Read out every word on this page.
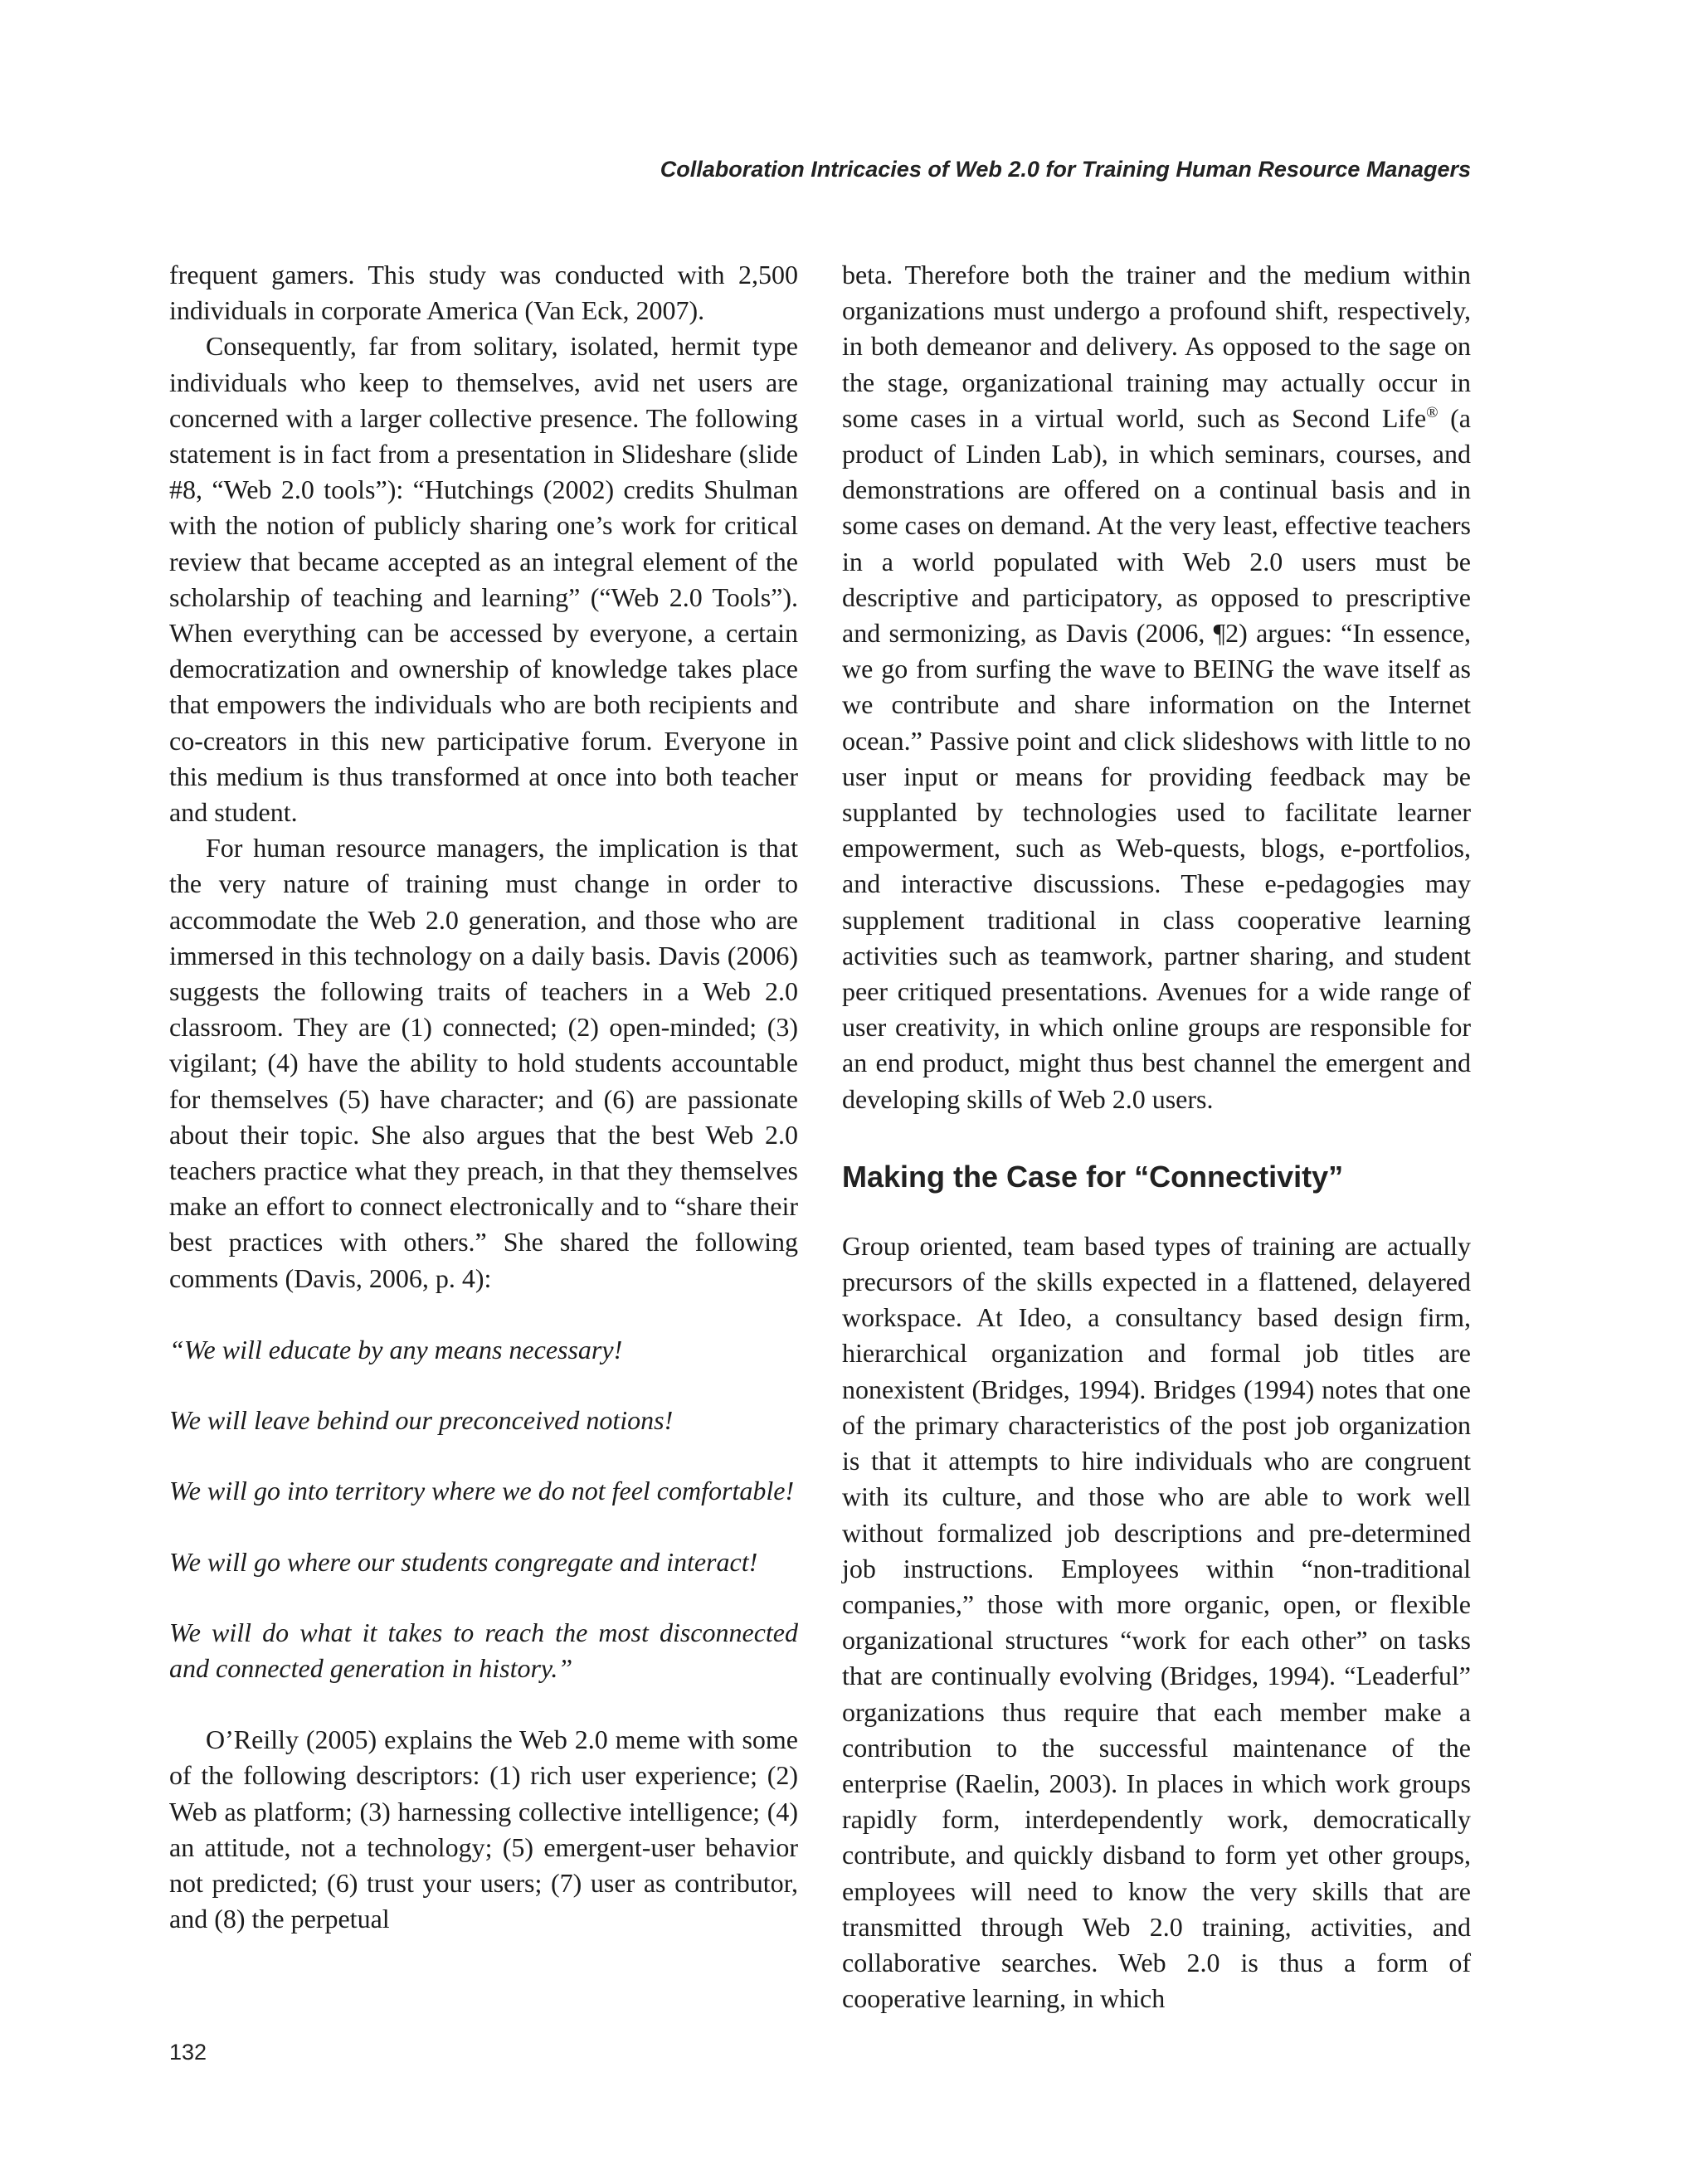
Collaboration Intricacies of Web 2.0 for Training Human Resource Managers

frequent gamers. This study was conducted with 2,500 individuals in corporate America (Van Eck, 2007).

Consequently, far from solitary, isolated, hermit type individuals who keep to themselves, avid net users are concerned with a larger collective presence. The following statement is in fact from a presentation in Slideshare (slide #8, “Web 2.0 tools”): “Hutchings (2002) credits Shulman with the notion of publicly sharing one’s work for critical review that became accepted as an integral element of the scholarship of teaching and learning” (“Web 2.0 Tools”). When everything can be accessed by everyone, a certain democratization and ownership of knowledge takes place that empowers the individuals who are both recipients and co-creators in this new participative forum. Everyone in this medium is thus transformed at once into both teacher and student.

For human resource managers, the implication is that the very nature of training must change in order to accommodate the Web 2.0 generation, and those who are immersed in this technology on a daily basis. Davis (2006) suggests the following traits of teachers in a Web 2.0 classroom. They are (1) connected; (2) open-minded; (3) vigilant; (4) have the ability to hold students accountable for themselves (5) have character; and (6) are passionate about their topic. She also argues that the best Web 2.0 teachers practice what they preach, in that they themselves make an effort to connect electronically and to “share their best practices with others.” She shared the following comments (Davis, 2006, p. 4):

“We will educate by any means necessary!

We will leave behind our preconceived notions!

We will go into territory where we do not feel comfortable!

We will go where our students congregate and interact!

We will do what it takes to reach the most disconnected and connected generation in history.”

O’Reilly (2005) explains the Web 2.0 meme with some of the following descriptors: (1) rich user experience; (2) Web as platform; (3) harnessing collective intelligence; (4) an attitude, not a technology; (5) emergent-user behavior not predicted; (6) trust your users; (7) user as contributor, and (8) the perpetual

beta. Therefore both the trainer and the medium within organizations must undergo a profound shift, respectively, in both demeanor and delivery. As opposed to the sage on the stage, organizational training may actually occur in some cases in a virtual world, such as Second Life® (a product of Linden Lab), in which seminars, courses, and demonstrations are offered on a continual basis and in some cases on demand. At the very least, effective teachers in a world populated with Web 2.0 users must be descriptive and participatory, as opposed to prescriptive and sermonizing, as Davis (2006, ¶2) argues: “In essence, we go from surfing the wave to BEING the wave itself as we contribute and share information on the Internet ocean.” Passive point and click slideshows with little to no user input or means for providing feedback may be supplanted by technologies used to facilitate learner empowerment, such as Web-quests, blogs, e-portfolios, and interactive discussions. These e-pedagogies may supplement traditional in class cooperative learning activities such as teamwork, partner sharing, and student peer critiqued presentations. Avenues for a wide range of user creativity, in which online groups are responsible for an end product, might thus best channel the emergent and developing skills of Web 2.0 users.

Making the Case for “Connectivity”

Group oriented, team based types of training are actually precursors of the skills expected in a flattened, delayered workspace. At Ideo, a consultancy based design firm, hierarchical organization and formal job titles are nonexistent (Bridges, 1994). Bridges (1994) notes that one of the primary characteristics of the post job organization is that it attempts to hire individuals who are congruent with its culture, and those who are able to work well without formalized job descriptions and pre-determined job instructions. Employees within “non-traditional companies,” those with more organic, open, or flexible organizational structures “work for each other” on tasks that are continually evolving (Bridges, 1994). “Leaderful” organizations thus require that each member make a contribution to the successful maintenance of the enterprise (Raelin, 2003). In places in which work groups rapidly form, interdependently work, democratically contribute, and quickly disband to form yet other groups, employees will need to know the very skills that are transmitted through Web 2.0 training, activities, and collaborative searches. Web 2.0 is thus a form of cooperative learning, in which

132
